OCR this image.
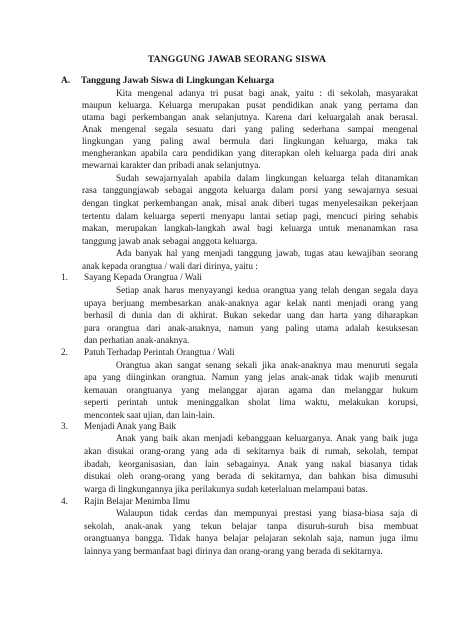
TANGGUNG JAWAB SEORANG SISWA
A. Tanggung Jawab Siswa di Lingkungan Keluarga
Kita mengenal adanya tri pusat bagi anak, yaitu : di sekolah, masyarakat
maupun keluarga. Keluarga merupakan pusat pendidikan anak yang pertama dan
utama bagi perkembangan anak selanjutnya. Karena dari keluargalah anak berasal.
Anak mengenal segala sesuatu dari yang paling sederhana sampai mengenal
lingkungan yang paling awal bermula dari lingkungan keluarga, maka tak
mengherankan apabila cara pendidikan yang diterapkan oleh keluarga pada diri anak
mewarnai karakter dan pribadi anak selanjutnya.
Sudah sewajarnyalah apabila dalam lingkungan keluarga telah ditanamkan
rasa tanggungjawab sebagai anggota keluarga dalam porsi yang sewajarnya sesuai
dengan tingkat perkembangan anak, misal anak diberi tugas menyelesaikan pekerjaan
tertentu dalam keluarga seperti menyapu lantai setiap pagi, mencuci piring sehabis
makan, merupakan langkah-langkah awal bagi keluarga untuk menanamkan rasa
tanggung jawab anak sebagai anggota keluarga.
Ada banyak hal yang menjadi tanggung jawab, tugas atau kewajiban seorang
anak kepada orangtua / wali dari dirinya, yaitu :
1. Sayang Kepada Orangtua / Wali
Setiap anak harus menyayangi kedua orangtua yang telah dengan segala daya
upaya berjuang membesarkan anak-anaknya agar kelak nanti menjadi orang yang
berhasil di dunia dan di akhirat. Bukan sekedar uang dan harta yang diharapkan
para orangtua dari anak-anaknya, namun yang paling utama adalah kesuksesan
dan perhatian anak-anaknya.
2. Patuh Terhadap Perintah Orangtua / Wali
Orangtua akan sangat senang sekali jika anak-anaknya mau menuruti segala
apa yang diinginkan orangtua. Namun yang jelas anak-anak tidak wajib menuruti
kemauan orangtuanya yang melanggar ajaran agama dan melanggar hukum
seperti perintah untuk meninggalkan sholat lima waktu, melakukan korupsi,
mencontek saat ujian, dan lain-lain.
3. Menjadi Anak yang Baik
Anak yang baik akan menjadi kebanggaan keluarganya. Anak yang baik juga
akan disukai orang-orang yang ada di sekitarnya baik di rumah, sekolah, tempat
ibadah, keorganisasian, dan lain sebagainya. Anak yang nakal biasanya tidak
disukai oleh orang-orang yang berada di sekitarnya, dan bahkan bisa dimusuhi
warga di lingkungannya jika perilakunya sudah keterlaluan melampaui batas.
4. Rajin Belajar Menimba Ilmu
Walaupun tidak cerdas dan mempunyai prestasi yang biasa-biasa saja di
sekolah, anak-anak yang tekun belajar tanpa disuruh-suruh bisa membuat
orangtuanya bangga. Tidak hanya belajar pelajaran sekolah saja, namun juga ilmu
lainnya yang bermanfaat bagi dirinya dan orang-orang yang berada di sekitarnya.
